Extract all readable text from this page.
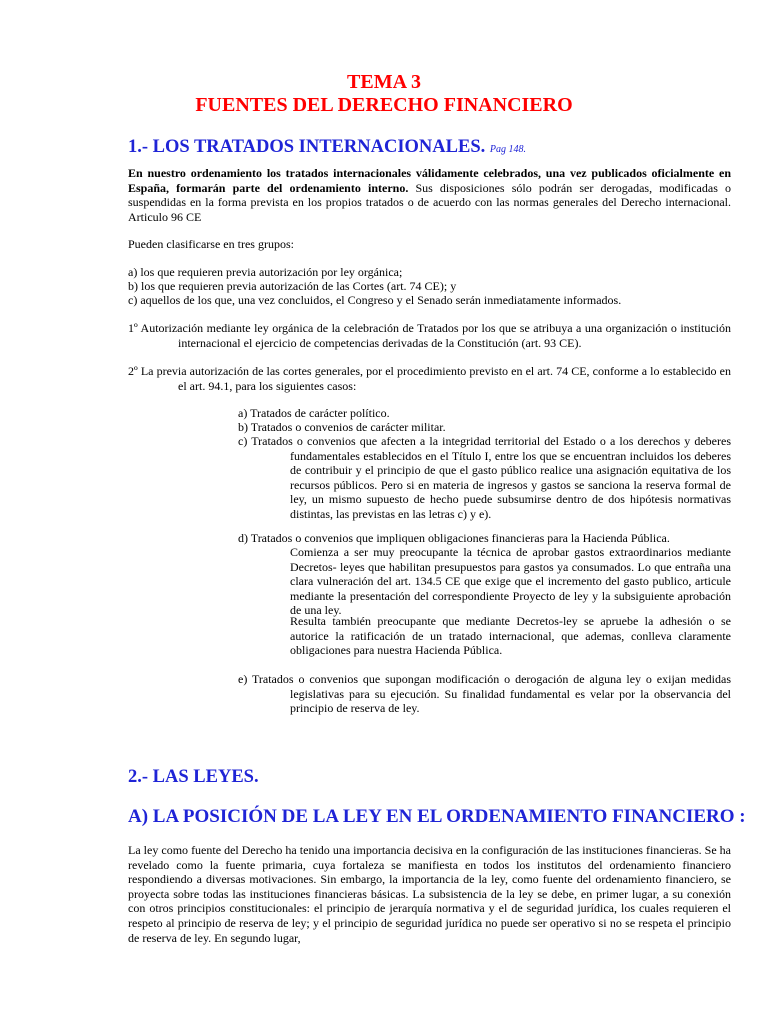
TEMA 3
FUENTES DEL DERECHO FINANCIERO
1.- LOS TRATADOS INTERNACIONALES. Pag 148.

En nuestro ordenamiento los tratados internacionales válidamente celebrados, una vez publicados oficialmente en España, formarán parte del ordenamiento interno. Sus disposiciones sólo podrán ser derogadas, modificadas o suspendidas en la forma prevista en los propios tratados o de acuerdo con las normas generales del Derecho internacional. Articulo 96 CE

Pueden clasificarse en tres grupos:

a) los que requieren previa autorización por ley orgánica;

b) los que requieren previa autorización de las Cortes (art. 74 CE); y

c) aquellos de los que, una vez concluidos, el Congreso y el Senado serán inmediatamente informados.

1º Autorización mediante ley orgánica de la celebración de Tratados por los que se atribuya a una organización o institución internacional el ejercicio de competencias derivadas de la Constitución (art. 93 CE).

2º La previa autorización de las cortes generales, por el procedimiento previsto en el art. 74 CE, conforme a lo establecido en el art. 94.1, para los siguientes casos:

a) Tratados de carácter político.

b) Tratados o convenios de carácter militar.

c) Tratados o convenios que afecten a la integridad territorial del Estado o a los derechos y deberes fundamentales establecidos en el Título I, entre los que se encuentran incluidos los deberes de contribuir y el principio de que el gasto público realice una asignación equitativa de los recursos públicos. Pero si en materia de ingresos y gastos se sanciona la reserva formal de ley, un mismo supuesto de hecho puede subsumirse dentro de dos hipótesis normativas distintas, las previstas en las letras c) y e).

d) Tratados o convenios que impliquen obligaciones financieras para la Hacienda Pública.

Comienza a ser muy preocupante la técnica de aprobar gastos extraordinarios mediante Decretos- leyes que habilitan presupuestos para gastos ya consumados. Lo que entraña una clara vulneración del art. 134.5 CE que exige que el incremento del gasto publico, articule mediante la presentación del correspondiente Proyecto de ley y la subsiguiente aprobación de una ley.

Resulta también preocupante que mediante Decretos-ley se apruebe la adhesión o se autorice la ratificación de un tratado internacional, que ademas, conlleva claramente obligaciones para nuestra Hacienda Pública.

e) Tratados o convenios que supongan modificación o derogación de alguna ley o exijan medidas legislativas para su ejecución. Su finalidad fundamental es velar por la observancia del principio de reserva de ley.

2.- LAS LEYES.
A) LA POSICIÓN DE LA LEY EN EL ORDENAMIENTO FINANCIERO :

La ley como fuente del Derecho ha tenido una importancia decisiva en la configuración de las instituciones financieras. Se ha revelado como la fuente primaria, cuya fortaleza se manifiesta en todos los institutos del ordenamiento financiero respondiendo a diversas motivaciones. Sin embargo, la importancia de la ley, como fuente del ordenamiento financiero, se proyecta sobre todas las instituciones financieras básicas. La subsistencia de la ley se debe, en primer lugar, a su conexión con otros principios constitucionales: el principio de jerarquía normativa y el de seguridad jurídica, los cuales requieren el respeto al principio de reserva de ley; y el principio de seguridad jurídica no puede ser operativo si no se respeta el principio de reserva de ley. En segundo lugar,
